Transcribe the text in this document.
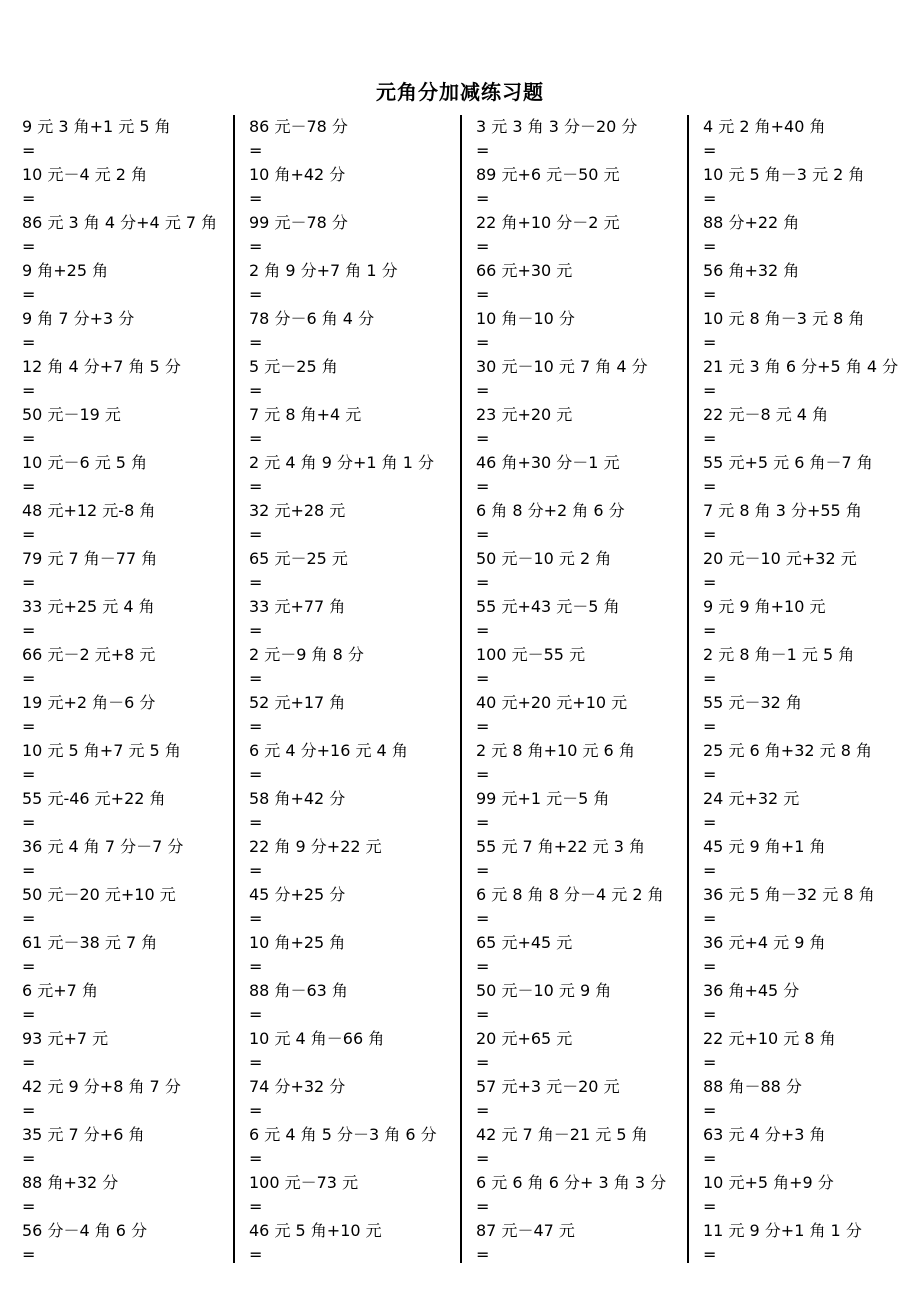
元角分加减练习题
9 元 3 角+1 元 5 角
=
10 元－4 元 2 角
=
86 元 3 角 4 分+4 元 7 角
=
9 角+25 角
=
9 角 7 分+3 分
=
12 角 4 分+7 角 5 分
=
50 元－19 元
=
10 元－6 元 5 角
=
48 元+12 元-8 角
=
79 元 7 角－77 角
=
33 元+25 元 4 角
=
66 元－2 元+8 元
=
19 元+2 角－6 分
=
10 元 5 角+7 元 5 角
=
55 元-46 元+22 角
=
36 元 4 角 7 分－7 分
=
50 元－20 元+10 元
=
61 元－38 元 7 角
=
6 元+7 角
=
93 元+7 元
=
42 元 9 分+8 角 7 分
=
35 元 7 分+6 角
=
88 角+32 分
=
56 分－4 角 6 分
=
86 元－78 分
=
10 角+42 分
=
99 元－78 分
=
2 角 9 分+7 角 1 分
=
78 分－6 角 4 分
=
5 元－25 角
=
7 元 8 角+4 元
=
2 元 4 角 9 分+1 角 1 分
=
32 元+28 元
=
65 元－25 元
=
33 元+77 角
=
2 元－9 角 8 分
=
52 元+17 角
=
6 元 4 分+16 元 4 角
=
58 角+42 分
=
22 角 9 分+22 元
=
45 分+25 分
=
10 角+25 角
=
88 角－63 角
=
10 元 4 角－66 角
=
74 分+32 分
=
6 元 4 角 5 分－3 角 6 分
=
100 元－73 元
=
46 元 5 角+10 元
=
3 元 3 角 3 分－20 分
=
89 元+6 元－50 元
=
22 角+10 分－2 元
=
66 元+30 元
=
10 角－10 分
=
30 元－10 元 7 角 4 分
=
23 元+20 元
=
46 角+30 分－1 元
=
6 角 8 分+2 角 6 分
=
50 元－10 元 2 角
=
55 元+43 元－5 角
=
100 元－55 元
=
40 元+20 元+10 元
=
2 元 8 角+10 元 6 角
=
99 元+1 元－5 角
=
55 元 7 角+22 元 3 角
=
6 元 8 角 8 分－4 元 2 角
=
65 元+45 元
=
50 元－10 元 9 角
=
20 元+65 元
=
57 元+3 元－20 元
=
42 元 7 角－21 元 5 角
=
6 元 6 角 6 分+ 3 角 3 分
=
87 元－47 元
=
4 元 2 角+40 角
=
10 元 5 角－3 元 2 角
=
88 分+22 角
=
56 角+32 角
=
10 元 8 角－3 元 8 角
=
21 元 3 角 6 分+5 角 4 分
=
22 元－8 元 4 角
=
55 元+5 元 6 角－7 角
=
7 元 8 角 3 分+55 角
=
20 元－10 元+32 元
=
9 元 9 角+10 元
=
2 元 8 角－1 元 5 角
=
55 元－32 角
=
25 元 6 角+32 元 8 角
=
24 元+32 元
=
45 元 9 角+1 角
=
36 元 5 角－32 元 8 角
=
36 元+4 元 9 角
=
36 角+45 分
=
22 元+10 元 8 角
=
88 角－88 分
=
63 元 4 分+3 角
=
10 元+5 角+9 分
=
11 元 9 分+1 角 1 分
=
